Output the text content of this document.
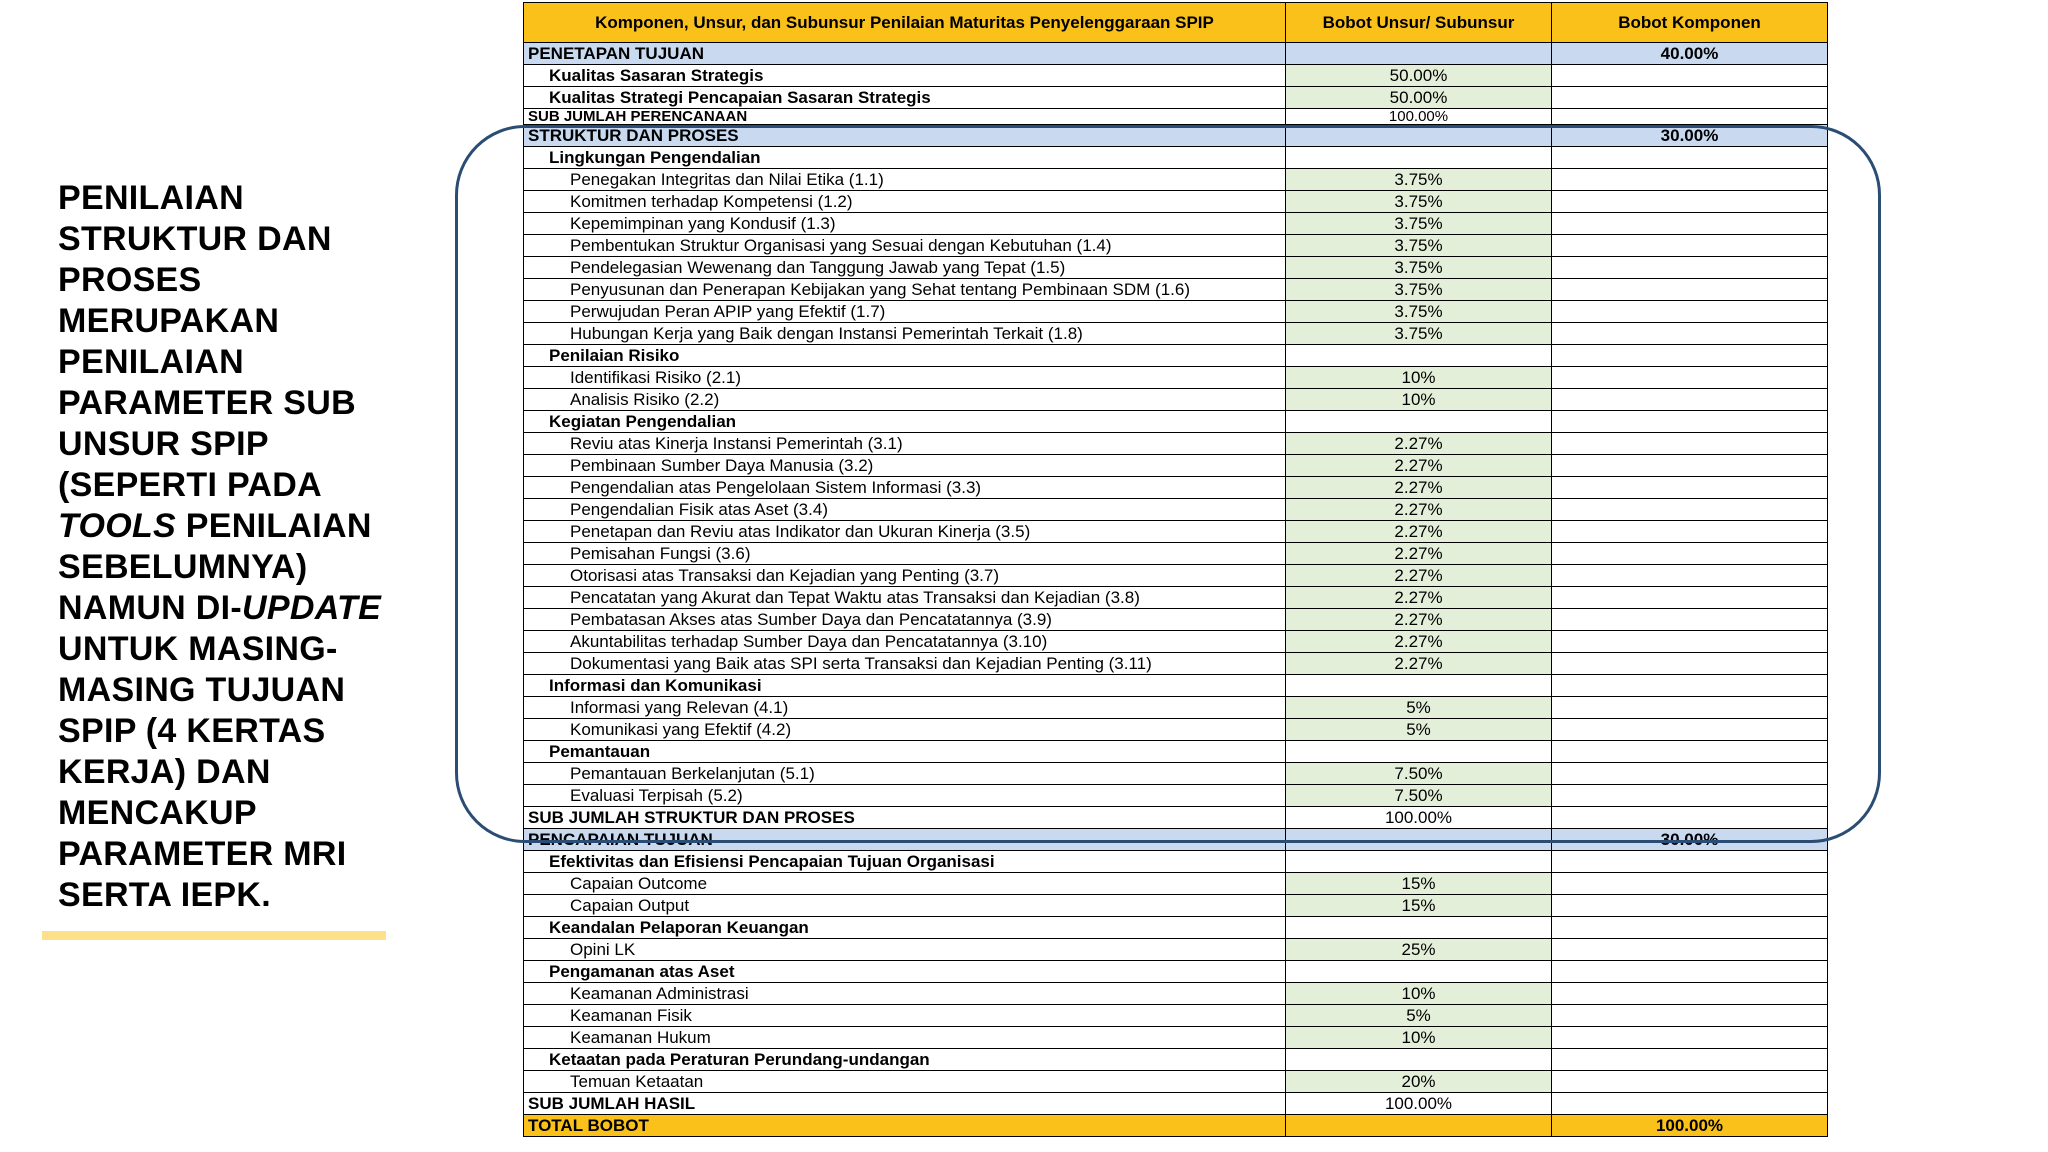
PENILAIAN
STRUKTUR DAN
PROSES
MERUPAKAN
PENILAIAN
PARAMETER SUB
UNSUR SPIP
(SEPERTI PADA
TOOLS PENILAIAN
SEBELUMNYA)
NAMUN DI-UPDATE
UNTUK MASING-
MASING TUJUAN
SPIP (4 KERTAS
KERJA) DAN
MENCAKUP
PARAMETER MRI
SERTA IEPK.
Komponen, Unsur, dan Subunsur Penilaian Maturitas Penyelenggaraan SPIP	Bobot Unsur/ Subunsur	Bobot Komponen
PENETAPAN TUJUAN		40.00%
Kualitas Sasaran Strategis	50.00%	
Kualitas Strategi Pencapaian Sasaran Strategis	50.00%	
SUB JUMLAH PERENCANAAN	100.00%	
STRUKTUR DAN PROSES		30.00%
Lingkungan Pengendalian		
Penegakan Integritas dan Nilai Etika (1.1)	3.75%	
Komitmen terhadap Kompetensi (1.2)	3.75%	
Kepemimpinan yang Kondusif (1.3)	3.75%	
Pembentukan Struktur Organisasi yang Sesuai dengan Kebutuhan (1.4)	3.75%	
Pendelegasian Wewenang dan Tanggung Jawab yang Tepat (1.5)	3.75%	
Penyusunan dan Penerapan Kebijakan yang Sehat tentang Pembinaan SDM (1.6)	3.75%	
Perwujudan Peran APIP yang Efektif (1.7)	3.75%	
Hubungan Kerja yang Baik dengan Instansi Pemerintah Terkait (1.8)	3.75%	
Penilaian Risiko		
Identifikasi Risiko (2.1)	10%	
Analisis Risiko (2.2)	10%	
Kegiatan Pengendalian		
Reviu atas Kinerja Instansi Pemerintah (3.1)	2.27%	
Pembinaan Sumber Daya Manusia (3.2)	2.27%	
Pengendalian atas Pengelolaan Sistem Informasi (3.3)	2.27%	
Pengendalian Fisik atas Aset (3.4)	2.27%	
Penetapan dan Reviu atas Indikator dan Ukuran Kinerja (3.5)	2.27%	
Pemisahan Fungsi (3.6)	2.27%	
Otorisasi atas Transaksi dan Kejadian yang Penting (3.7)	2.27%	
Pencatatan yang Akurat dan Tepat Waktu atas Transaksi dan Kejadian (3.8)	2.27%	
Pembatasan Akses atas Sumber Daya dan Pencatatannya (3.9)	2.27%	
Akuntabilitas terhadap Sumber Daya dan Pencatatannya (3.10)	2.27%	
Dokumentasi yang Baik atas SPI serta Transaksi dan Kejadian Penting (3.11)	2.27%	
Informasi dan Komunikasi		
Informasi yang Relevan (4.1)	5%	
Komunikasi yang Efektif (4.2)	5%	
Pemantauan		
Pemantauan Berkelanjutan (5.1)	7.50%	
Evaluasi Terpisah (5.2)	7.50%	
SUB JUMLAH STRUKTUR DAN PROSES	100.00%	
PENCAPAIAN TUJUAN		30.00%
Efektivitas dan Efisiensi Pencapaian Tujuan Organisasi		
Capaian Outcome	15%	
Capaian Output	15%	
Keandalan Pelaporan Keuangan		
Opini LK	25%	
Pengamanan atas Aset		
Keamanan Administrasi	10%	
Keamanan Fisik	5%	
Keamanan Hukum	10%	
Ketaatan pada Peraturan Perundang-undangan		
Temuan Ketaatan	20%	
SUB JUMLAH HASIL	100.00%	
TOTAL BOBOT		100.00%
